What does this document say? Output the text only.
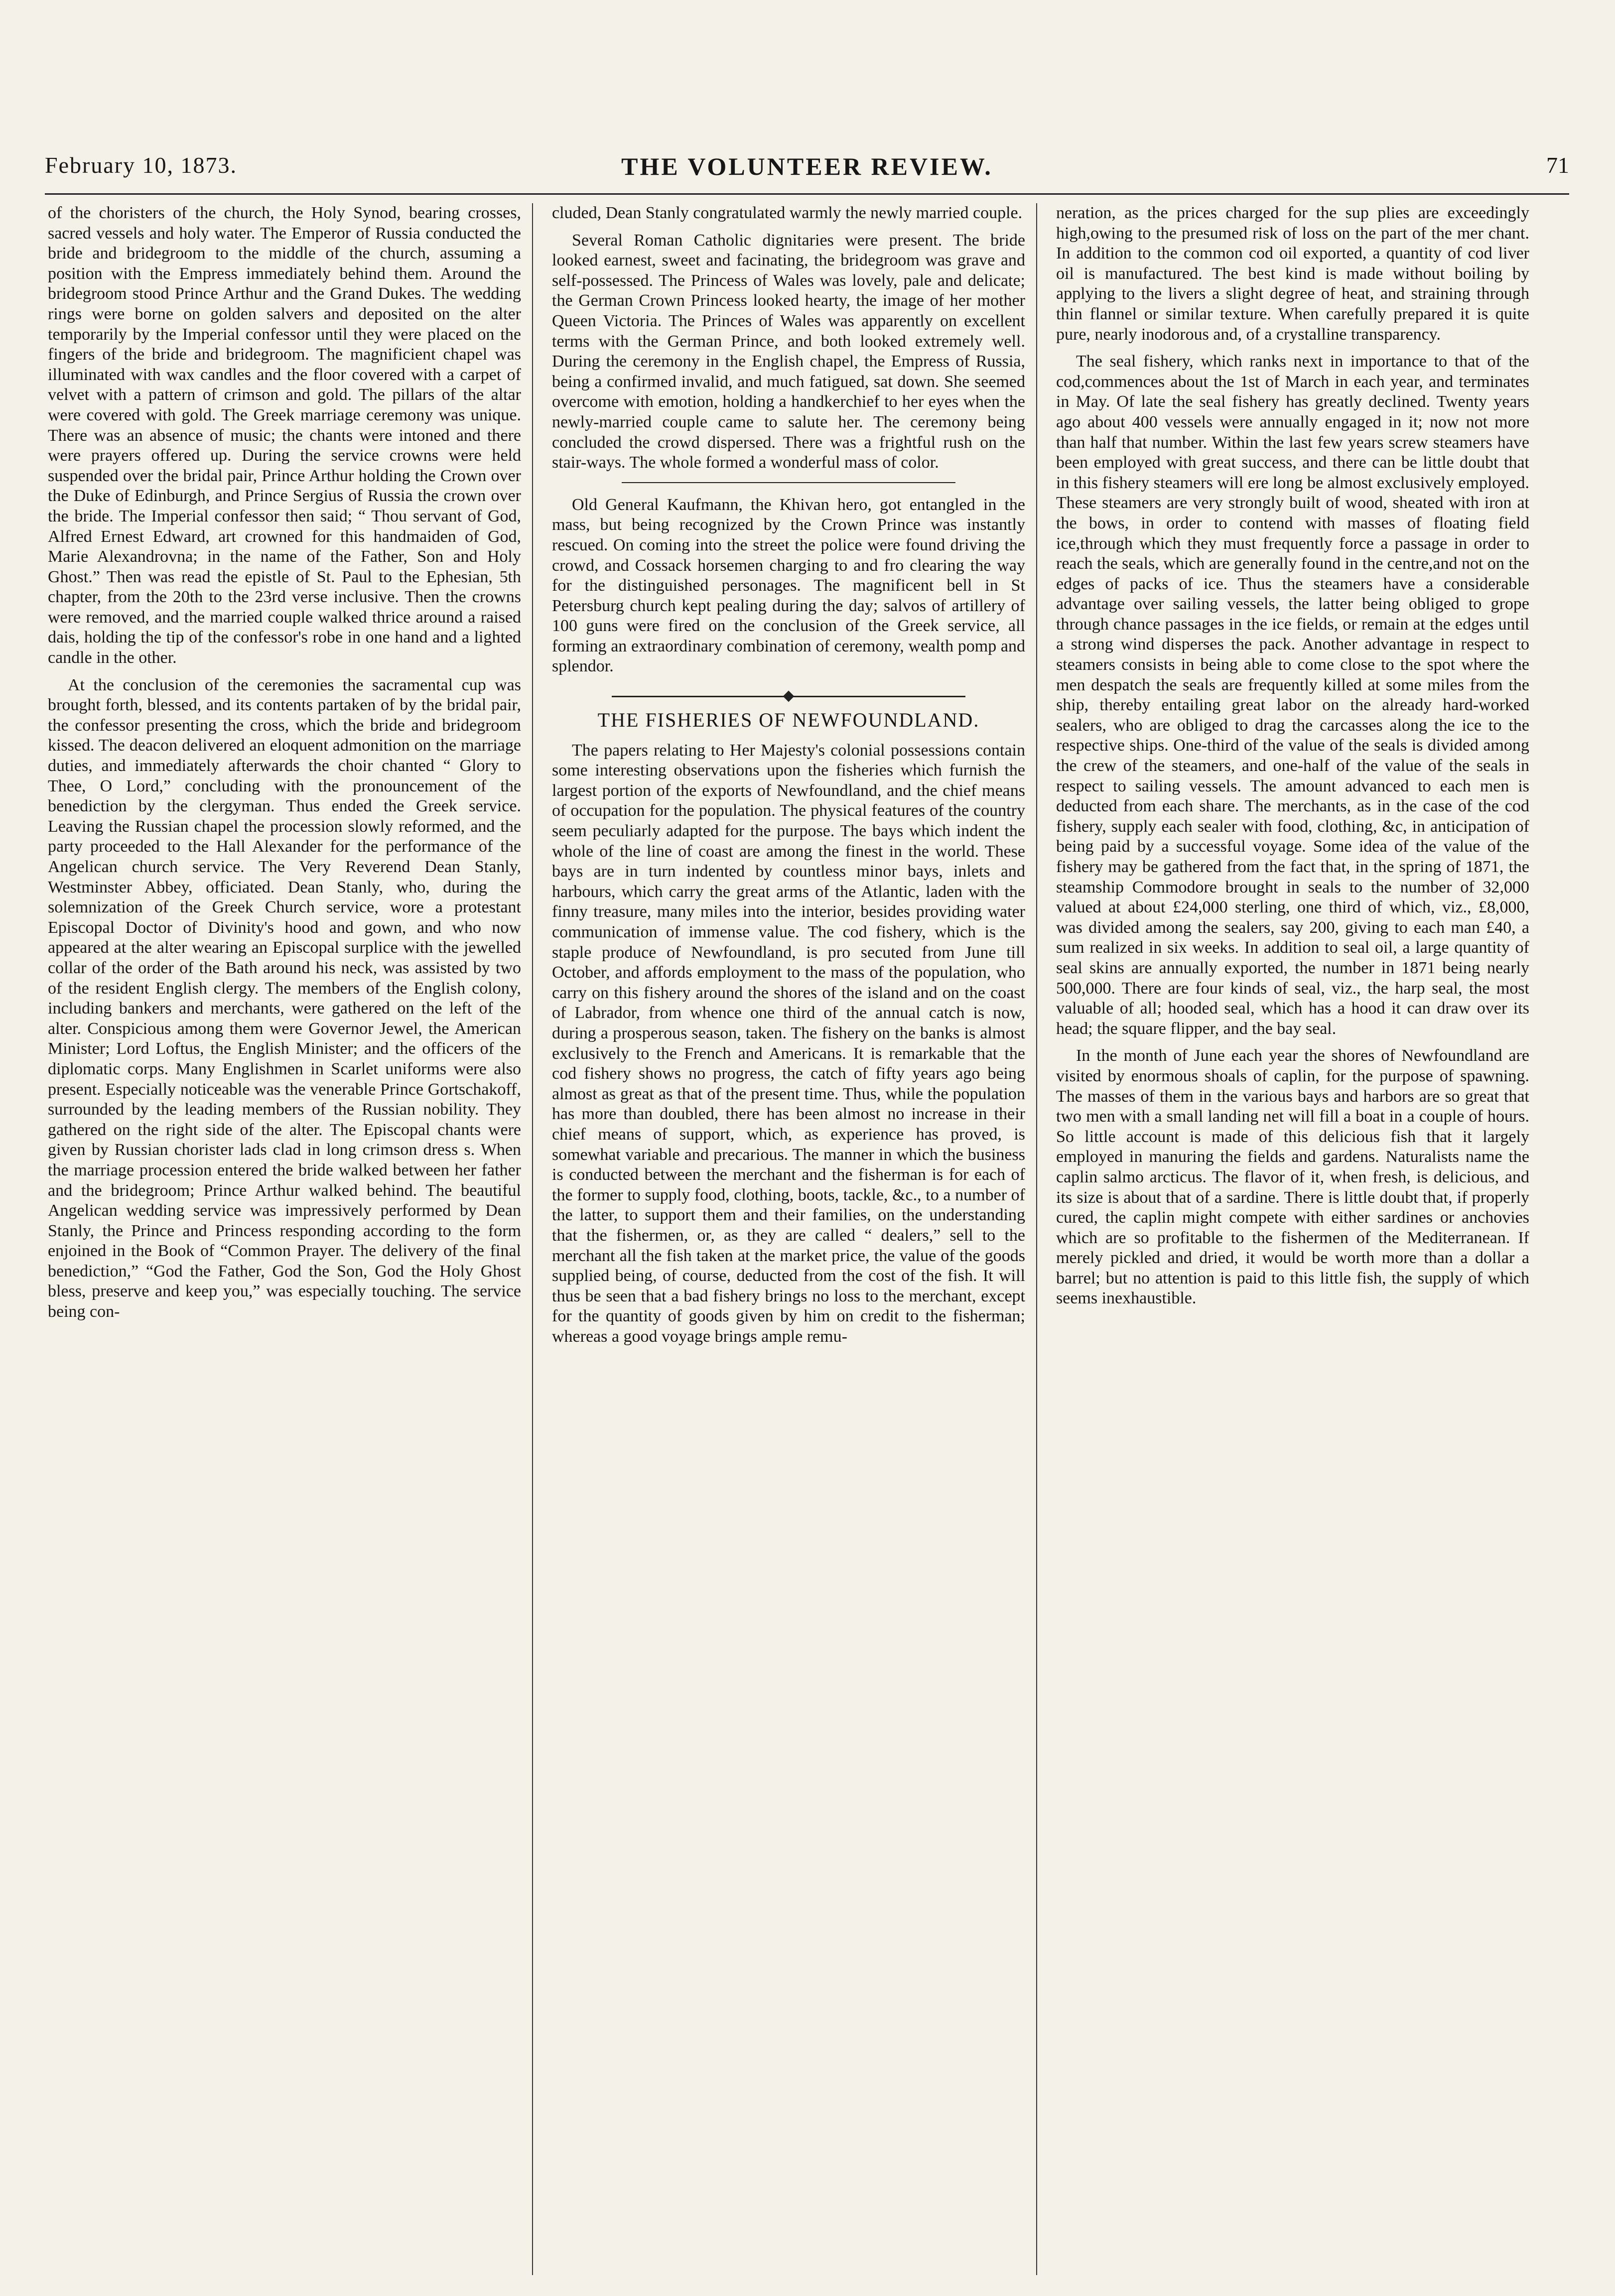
February 10, 1873.	THE VOLUNTEER REVIEW.	71

of the choristers of the church, the Holy Synod, bearing crosses, sacred vessels and holy water. The Emperor of Russia conducted the bride and bridegroom to the middle of the church, assuming a position with the Empress immediately behind them. Around the bridegroom stood Prince Arthur and the Grand Dukes. The wedding rings were borne on golden salvers and deposited on the alter temporarily by the Imperial confessor until they were placed on the fingers of the bride and bridegroom. The magnificient chapel was illuminated with wax candles and the floor covered with a carpet of velvet with a pattern of crimson and gold. The pillars of the altar were covered with gold. The Greek marriage ceremony was unique. There was an absence of music; the chants were intoned and there were prayers offered up. During the service crowns were held suspended over the bridal pair, Prince Arthur holding the Crown over the Duke of Edinburgh, and Prince Sergius of Russia the crown over the bride. The Imperial confessor then said; “ Thou servant of God, Alfred Ernest Edward, art crowned for this handmaiden of God, Marie Alexandrovna; in the name of the Father, Son and Holy Ghost.” Then was read the epistle of St. Paul to the Ephesian, 5th chapter, from the 20th to the 23rd verse inclusive. Then the crowns were removed, and the married couple walked thrice around a raised dais, holding the tip of the confessor's robe in one hand and a lighted candle in the other.

At the conclusion of the ceremonies the sacramental cup was brought forth, blessed, and its contents partaken of by the bridal pair, the confessor presenting the cross, which the bride and bridegroom kissed. The deacon delivered an eloquent admonition on the marriage duties, and immediately afterwards the choir chanted “ Glory to Thee, O Lord,” concluding with the pronouncement of the benediction by the clergyman. Thus ended the Greek service. Leaving the Russian chapel the procession slowly reformed, and the party proceeded to the Hall Alexander for the performance of the Angelican church service. The Very Reverend Dean Stanly, Westminster Abbey, officiated. Dean Stanly, who, during the solemnization of the Greek Church service, wore a protestant Episcopal Doctor of Divinity's hood and gown, and who now appeared at the alter wearing an Episcopal surplice with the jewelled collar of the order of the Bath around his neck, was assisted by two of the resident English clergy. The members of the English colony, including bankers and merchants, were gathered on the left of the alter. Conspicious among them were Governor Jewel, the American Minister; Lord Loftus, the English Minister; and the officers of the diplomatic corps. Many Englishmen in Scarlet uniforms were also present. Especially noticeable was the venerable Prince Gortschakoff, surrounded by the leading members of the Russian nobility. They gathered on the right side of the alter. The Episcopal chants were given by Russian chorister lads clad in long crimson dress s. When the marriage procession entered the bride walked between her father and the bridegroom; Prince Arthur walked behind. The beautiful Angelican wedding service was impressively performed by Dean Stanly, the Prince and Princess responding according to the form enjoined in the Book of “Common Prayer. The delivery of the final benediction,” “God the Father, God the Son, God the Holy Ghost bless, preserve and keep you,” was especially touching. The service being con-

cluded, Dean Stanly congratulated warmly the newly married couple.

Several Roman Catholic dignitaries were present. The bride looked earnest, sweet and facinating, the bridegroom was grave and self-possessed. The Princess of Wales was lovely, pale and delicate; the German Crown Princess looked hearty, the image of her mother Queen Victoria. The Princes of Wales was apparently on excellent terms with the German Prince, and both looked extremely well. During the ceremony in the English chapel, the Empress of Russia, being a confirmed invalid, and much fatigued, sat down. She seemed overcome with emotion, holding a handkerchief to her eyes when the newly-married couple came to salute her. The ceremony being concluded the crowd dispersed. There was a frightful rush on the stair-ways. The whole formed a wonderful mass of color.

Old General Kaufmann, the Khivan hero, got entangled in the mass, but being recognized by the Crown Prince was instantly rescued. On coming into the street the police were found driving the crowd, and Cossack horsemen charging to and fro clearing the way for the distinguished personages. The magnificent bell in St Petersburg church kept pealing during the day; salvos of artillery of 100 guns were fired on the conclusion of the Greek service, all forming an extraordinary combination of ceremony, wealth pomp and splendor.

THE FISHERIES OF NEWFOUNDLAND.

The papers relating to Her Majesty's colonial possessions contain some interesting observations upon the fisheries which furnish the largest portion of the exports of Newfoundland, and the chief means of occupation for the population. The physical features of the country seem peculiarly adapted for the purpose. The bays which indent the whole of the line of coast are among the finest in the world. These bays are in turn indented by countless minor bays, inlets and harbours, which carry the great arms of the Atlantic, laden with the finny treasure, many miles into the interior, besides providing water communication of immense value. The cod fishery, which is the staple produce of Newfoundland, is pro secuted from June till October, and affords employment to the mass of the population, who carry on this fishery around the shores of the island and on the coast of Labrador, from whence one third of the annual catch is now, during a prosperous season, taken. The fishery on the banks is almost exclusively to the French and Americans. It is remarkable that the cod fishery shows no progress, the catch of fifty years ago being almost as great as that of the present time. Thus, while the population has more than doubled, there has been almost no increase in their chief means of support, which, as experience has proved, is somewhat variable and precarious. The manner in which the business is conducted between the merchant and the fisherman is for each of the former to supply food, clothing, boots, tackle, &c., to a number of the latter, to support them and their families, on the understanding that the fishermen, or, as they are called “ dealers,” sell to the merchant all the fish taken at the market price, the value of the goods supplied being, of course, deducted from the cost of the fish. It will thus be seen that a bad fishery brings no loss to the merchant, except for the quantity of goods given by him on credit to the fisherman; whereas a good voyage brings ample remu-

neration, as the prices charged for the sup plies are exceedingly high,owing to the presumed risk of loss on the part of the mer chant. In addition to the common cod oil exported, a quantity of cod liver oil is manufactured. The best kind is made without boiling by applying to the livers a slight degree of heat, and straining through thin flannel or similar texture. When carefully prepared it is quite pure, nearly inodorous and, of a crystalline transparency.

The seal fishery, which ranks next in importance to that of the cod,commences about the 1st of March in each year, and terminates in May. Of late the seal fishery has greatly declined. Twenty years ago about 400 vessels were annually engaged in it; now not more than half that number. Within the last few years screw steamers have been employed with great success, and there can be little doubt that in this fishery steamers will ere long be almost exclusively employed. These steamers are very strongly built of wood, sheated with iron at the bows, in order to contend with masses of floating field ice,through which they must frequently force a passage in order to reach the seals, which are generally found in the centre,and not on the edges of packs of ice. Thus the steamers have a considerable advantage over sailing vessels, the latter being obliged to grope through chance passages in the ice fields, or remain at the edges until a strong wind disperses the pack. Another advantage in respect to steamers consists in being able to come close to the spot where the men despatch the seals are frequently killed at some miles from the ship, thereby entailing great labor on the already hard-worked sealers, who are obliged to drag the carcasses along the ice to the respective ships. One-third of the value of the seals is divided among the crew of the steamers, and one-half of the value of the seals in respect to sailing vessels. The amount advanced to each men is deducted from each share. The merchants, as in the case of the cod fishery, supply each sealer with food, clothing, &c, in anticipation of being paid by a successful voyage. Some idea of the value of the fishery may be gathered from the fact that, in the spring of 1871, the steamship Commodore brought in seals to the number of 32,000 valued at about £24,000 sterling, one third of which, viz., £8,000, was divided among the sealers, say 200, giving to each man £40, a sum realized in six weeks. In addition to seal oil, a large quantity of seal skins are annually exported, the number in 1871 being nearly 500,000. There are four kinds of seal, viz., the harp seal, the most valuable of all; hooded seal, which has a hood it can draw over its head; the square flipper, and the bay seal.

In the month of June each year the shores of Newfoundland are visited by enormous shoals of caplin, for the purpose of spawning. The masses of them in the various bays and harbors are so great that two men with a small landing net will fill a boat in a couple of hours. So little account is made of this delicious fish that it largely employed in manuring the fields and gardens. Naturalists name the caplin salmo arcticus. The flavor of it, when fresh, is delicious, and its size is about that of a sardine. There is little doubt that, if properly cured, the caplin might compete with either sardines or anchovies which are so profitable to the fishermen of the Mediterranean. If merely pickled and dried, it would be worth more than a dollar a barrel; but no attention is paid to this little fish, the supply of which seems inexhaustible.
